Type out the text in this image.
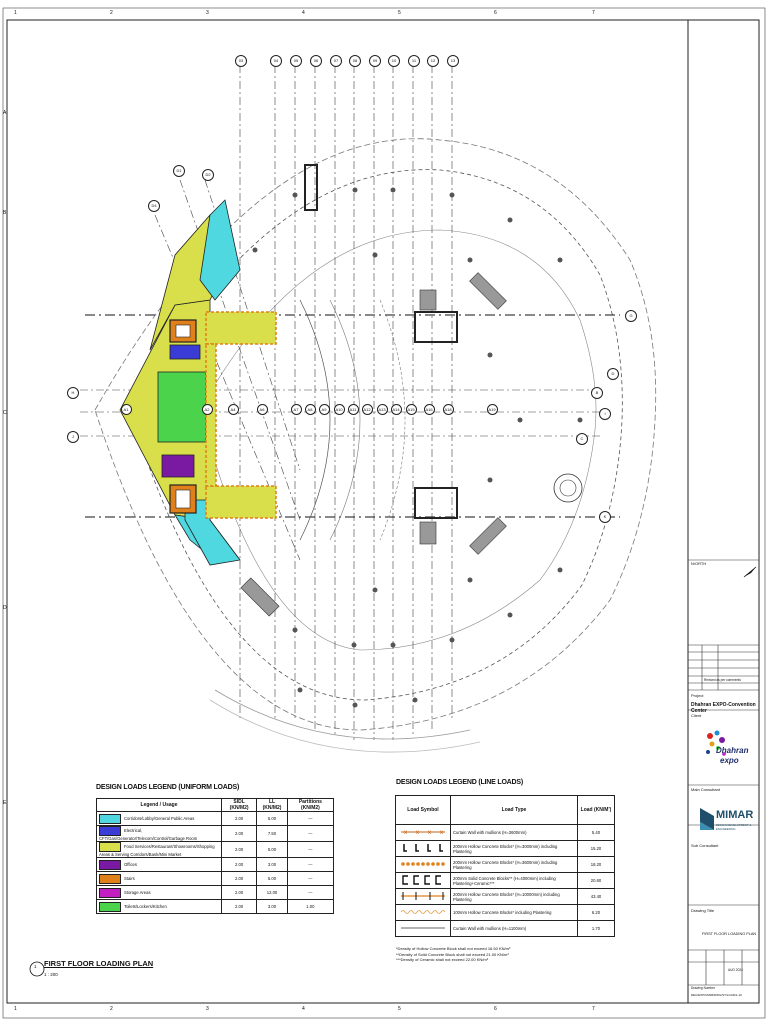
1
1
2
2
3
3
4
4
5
5
6
6
7
7
A
B
C
D
E
03	04	05	06	07	08	09	10	11	12	13
D1
D2
D4
A1	A2	A4	A6	A7	A8	A9	A10	A11	A12	A13	A14	A15	A16	A18	A19
G
H
I
J
K
B
C
D
DESIGN LOADS LEGEND (UNIFORM LOADS)
Legend / Usage	SIDL (KN/M2)	LL (KN/M2)	Partitions (KN/M2)
Corridors/Lobby/General Public Areas	2.00	5.00	—
Electrical, CFT/Gas/Generator/Telecom/Control/Garbage Room	2.00	7.50	—
Food Services/Restaurant/Showrooms/Shopping Areas & Serving Corridors/Bank/Mini Market	2.00	5.00	—
Offices	2.00	3.00	—
Stairs	2.00	5.00	—
Storage Areas	2.00	12.00	—
Toilets/Lockers/Kitchen	2.00	3.00	1.00
DESIGN LOADS LEGEND (LINE LOADS)
Load Symbol	Load Type	Load (KN/M')

x x x x	Curtain Wall with mullions (H=3600mm)	5.40
	200mm Hollow Concrete Blocks* (H=3000mm) including Plastering	15.20
	200mm Hollow Concrete Blocks* (H=3600mm) including Plastering	18.20
	200mm Solid Concrete Blocks** (H=4000mm) including Plastering+Ceramic***	20.60
	200mm Hollow Concrete Blocks* (H=10000mm) including Plastering	43.40
	100mm Hollow Concrete Blocks* including Plastering	6.20
	Curtain Wall with mullions (H=1100mm)	1.70
*Density of Hollow Concrete Block shall not exceed 16.50 KN/m³
**Density of Solid Concrete Block shall not exceed 21.00 KN/m³
***Density of Ceramic shall not exceed 22.00 KN/m³
1 FIRST FLOOR LOADING PLAN
1 : 200
N/ORTH
Revised as per comments
Project
Dhahran EXPO-Convention Center
Client
Dhahran
expo
Main Consultant
MIMAR
DESIGN DEVELOPMENT & ENGINEERING
Sub Consultant
Drawing Title
FIRST FLOOR LOADING PLAN
AUG 2024
Drawing Number
DEC/EXPO/MIM/DWG/ST/LOAD/1-10
